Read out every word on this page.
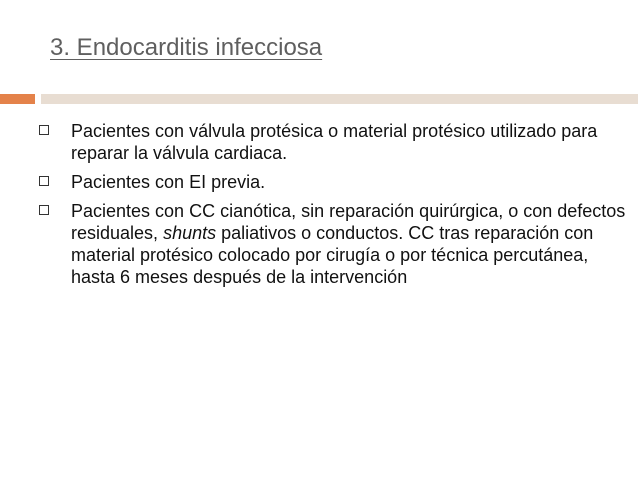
3. Endocarditis infecciosa
Pacientes con válvula protésica o material protésico utilizado para reparar la válvula cardiaca.
Pacientes con EI previa.
Pacientes con CC cianótica, sin reparación quirúrgica, o con defectos residuales, shunts paliativos o conductos. CC tras reparación con material protésico colocado por cirugía o por técnica percutánea, hasta 6 meses después de la intervención
